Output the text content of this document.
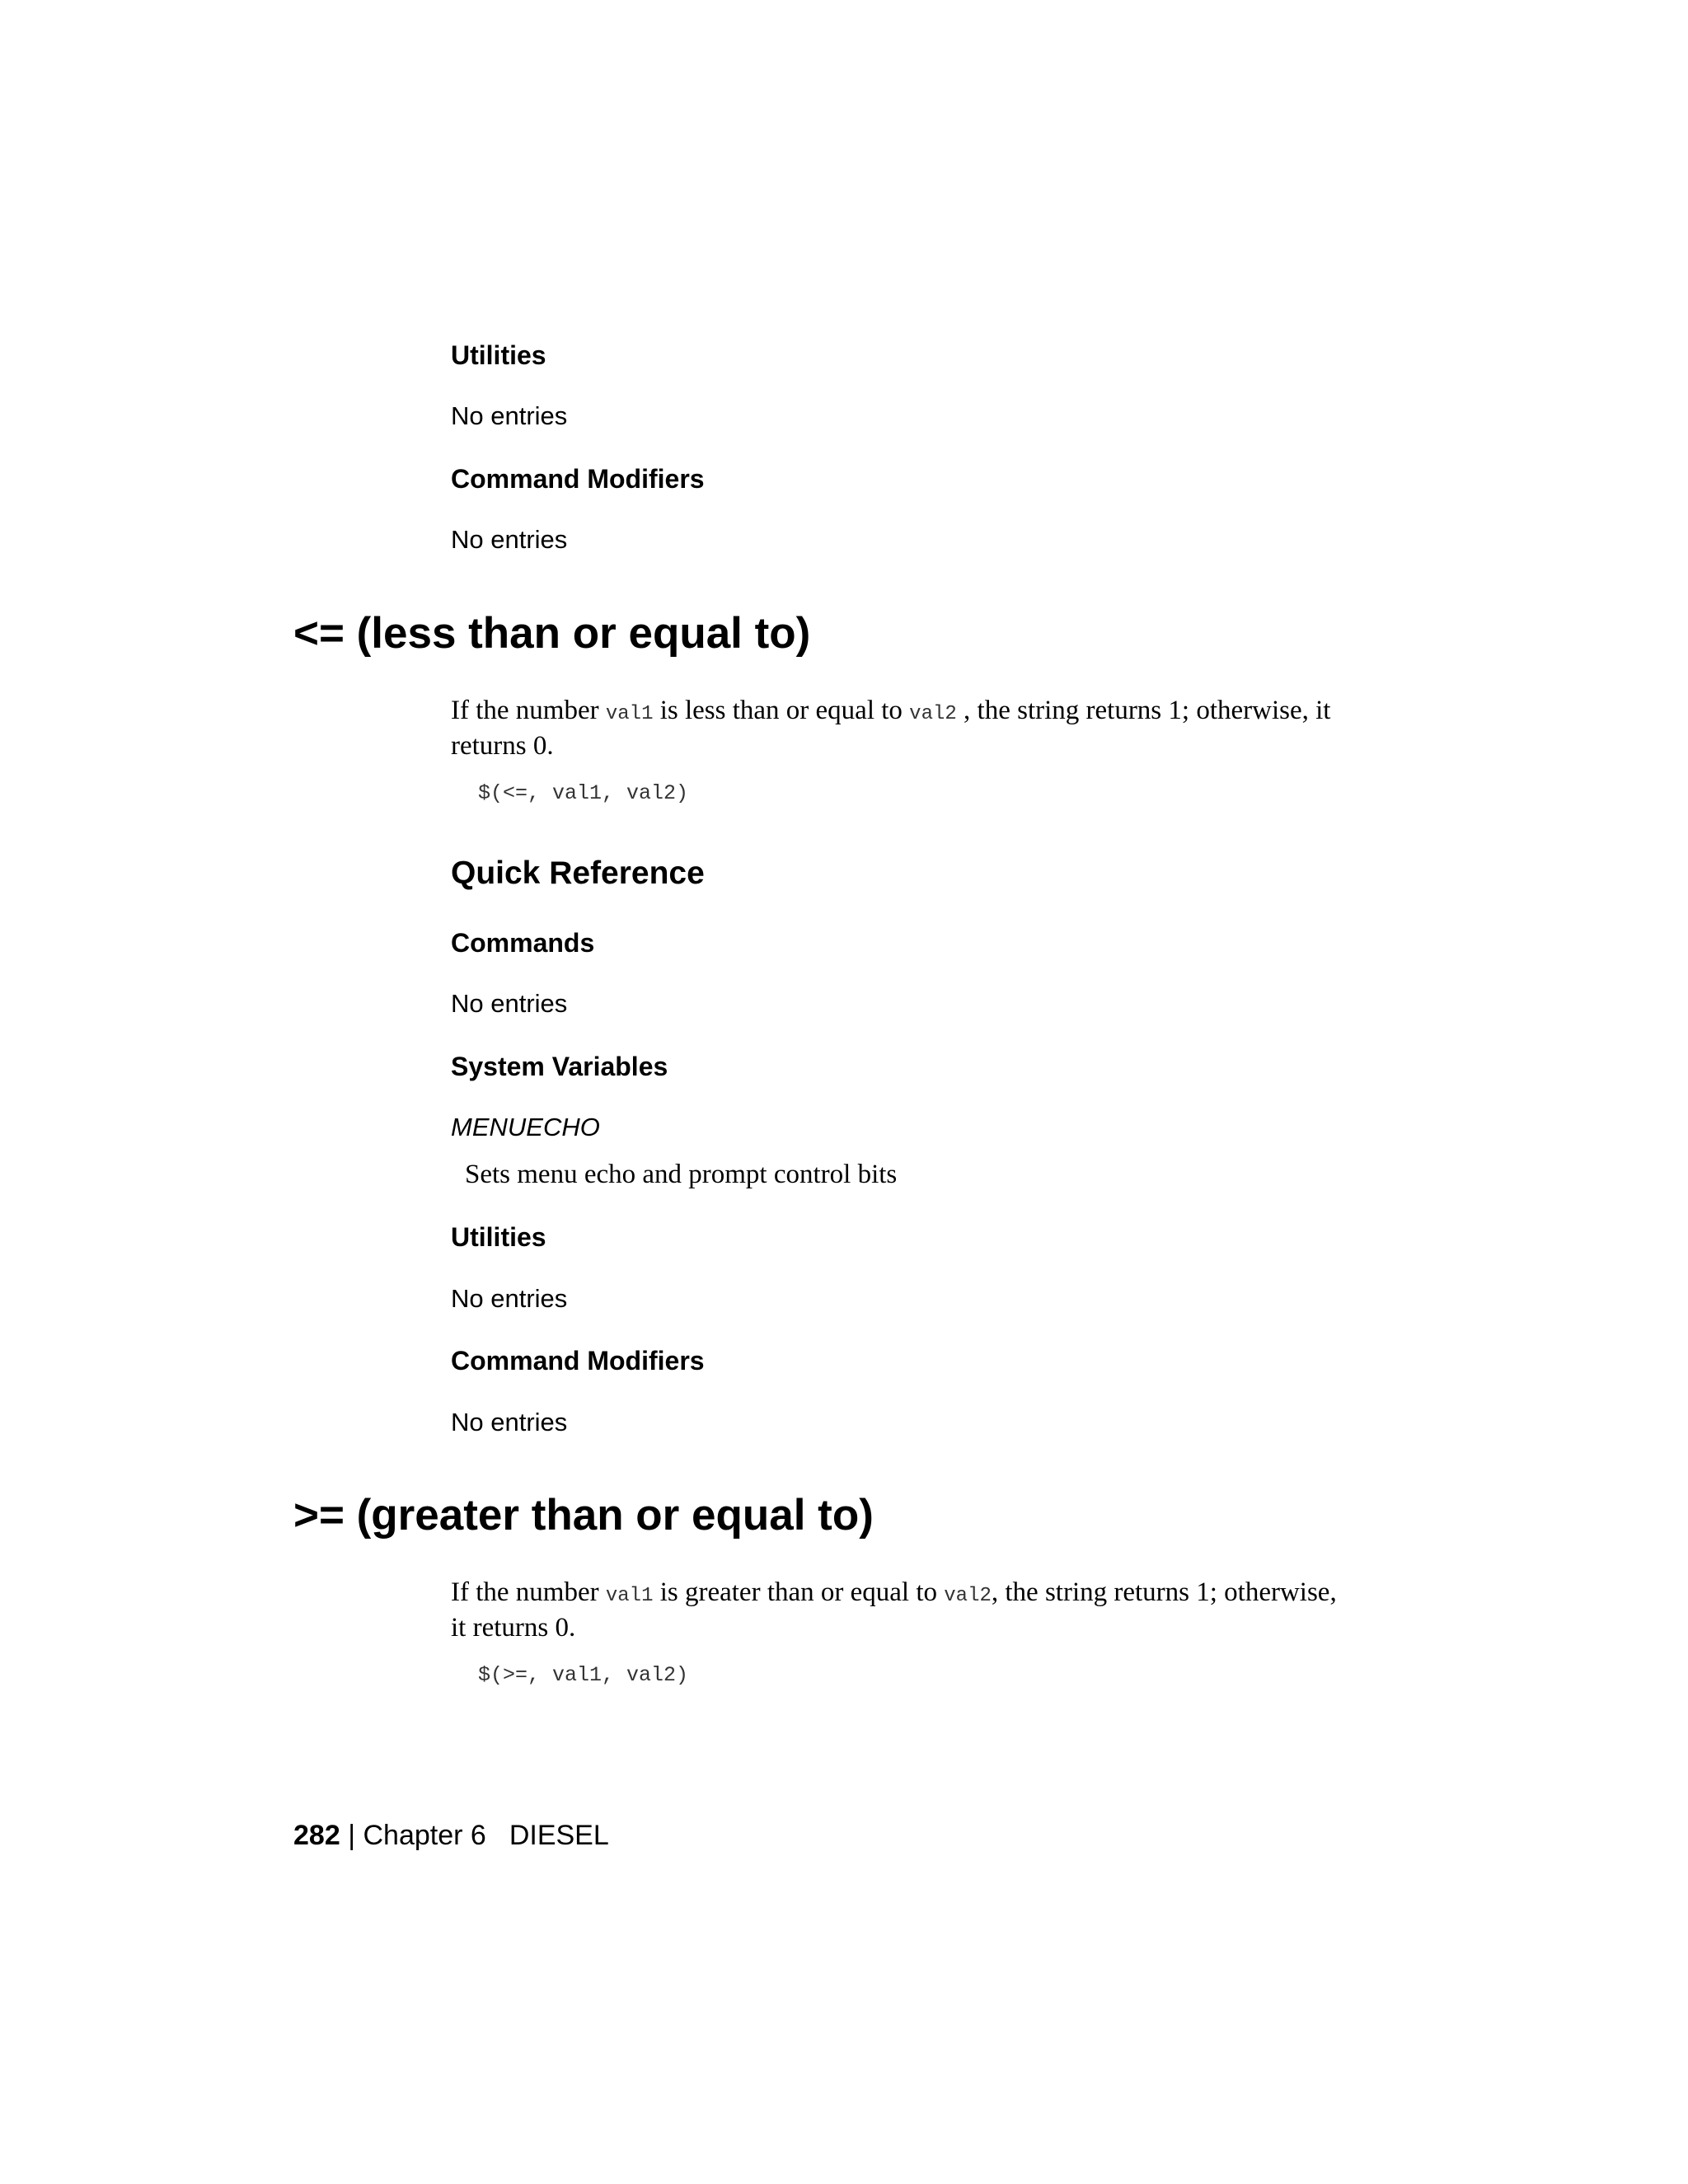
Utilities
No entries
Command Modifiers
No entries
<= (less than or equal to)
If the number val1 is less than or equal to val2 , the string returns 1; otherwise, it returns 0.
$(<=, val1, val2)
Quick Reference
Commands
No entries
System Variables
MENUECHO
Sets menu echo and prompt control bits
Utilities
No entries
Command Modifiers
No entries
>= (greater than or equal to)
If the number val1 is greater than or equal to val2, the string returns 1; otherwise, it returns 0.
$(>=, val1, val2)
282 | Chapter 6 DIESEL
